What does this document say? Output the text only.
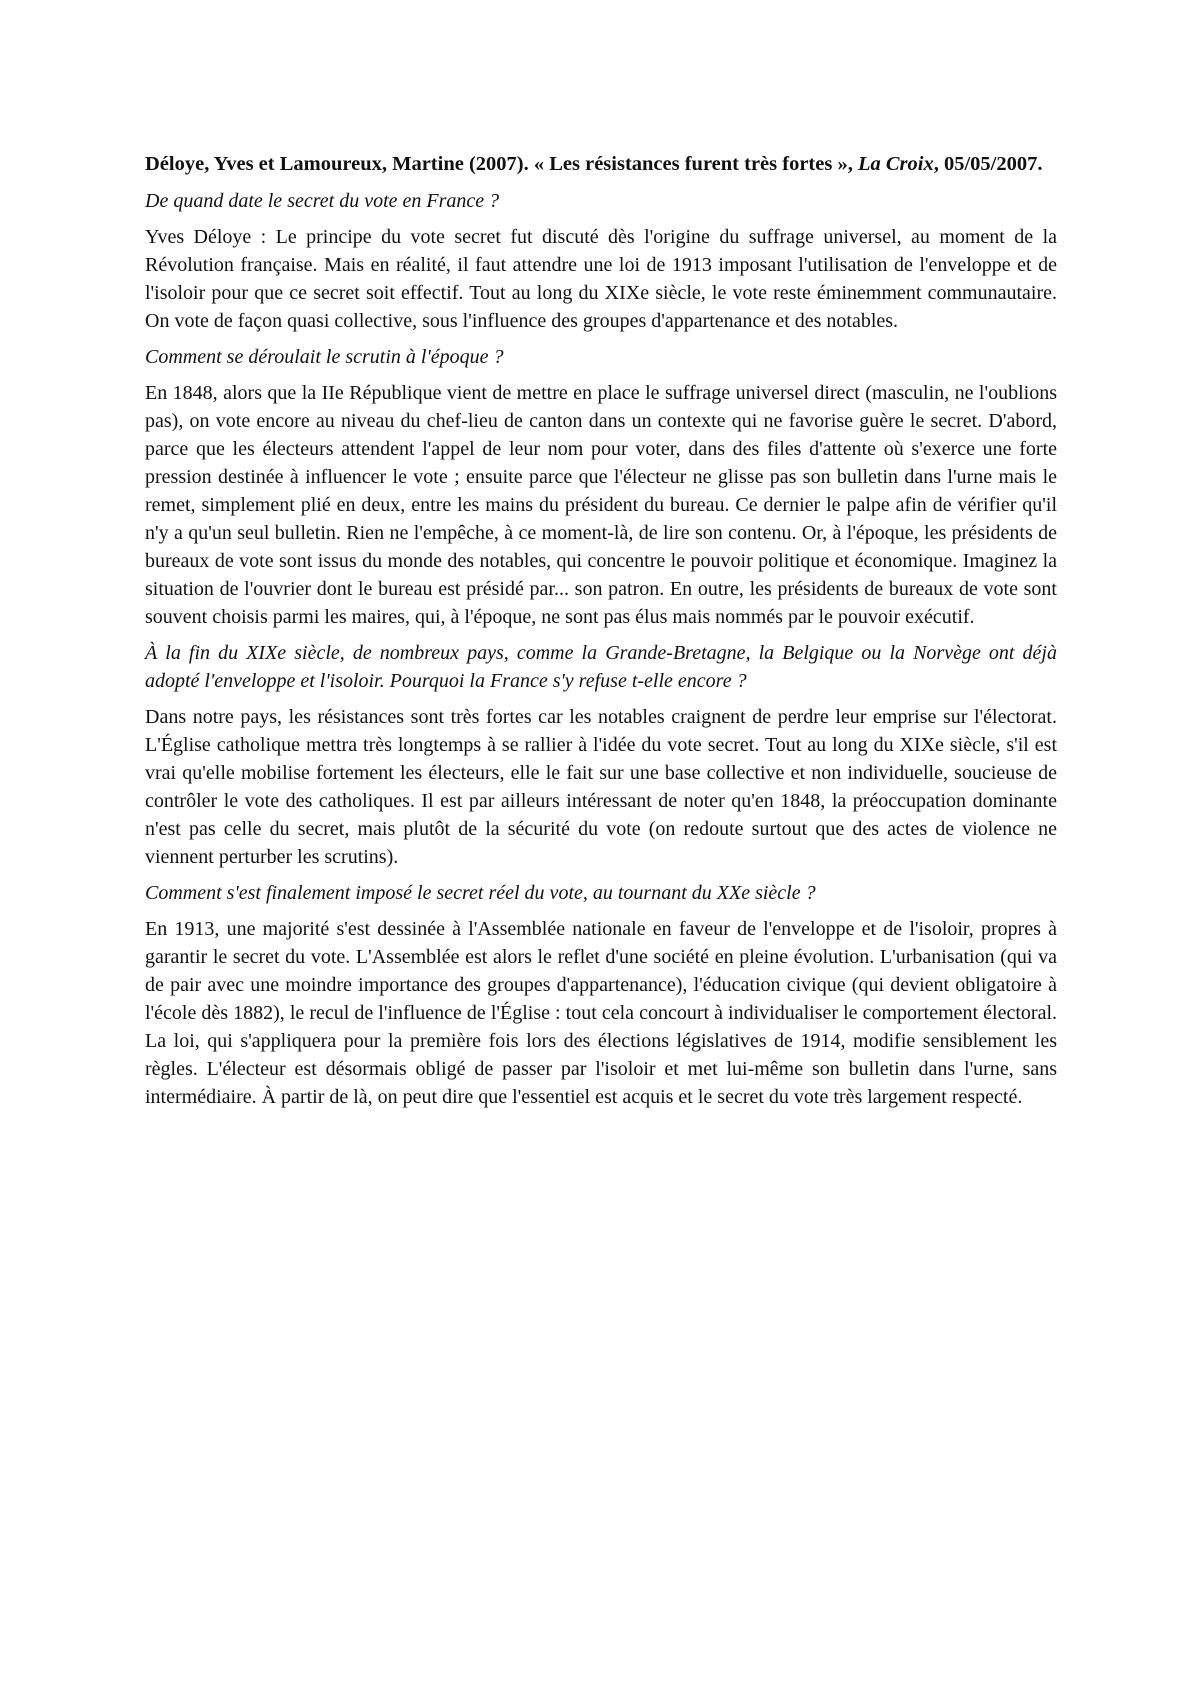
Déloye, Yves et Lamoureux, Martine (2007). « Les résistances furent très fortes », La Croix, 05/05/2007.

De quand date le secret du vote en France ?

Yves Déloye : Le principe du vote secret fut discuté dès l'origine du suffrage universel, au moment de la Révolution française. Mais en réalité, il faut attendre une loi de 1913 imposant l'utilisation de l'enveloppe et de l'isoloir pour que ce secret soit effectif. Tout au long du XIXe siècle, le vote reste éminemment communautaire. On vote de façon quasi collective, sous l'influence des groupes d'appartenance et des notables.

Comment se déroulait le scrutin à l'époque ?

En 1848, alors que la IIe République vient de mettre en place le suffrage universel direct (masculin, ne l'oublions pas), on vote encore au niveau du chef-lieu de canton dans un contexte qui ne favorise guère le secret. D'abord, parce que les électeurs attendent l'appel de leur nom pour voter, dans des files d'attente où s'exerce une forte pression destinée à influencer le vote ; ensuite parce que l'électeur ne glisse pas son bulletin dans l'urne mais le remet, simplement plié en deux, entre les mains du président du bureau. Ce dernier le palpe afin de vérifier qu'il n'y a qu'un seul bulletin. Rien ne l'empêche, à ce moment-là, de lire son contenu. Or, à l'époque, les présidents de bureaux de vote sont issus du monde des notables, qui concentre le pouvoir politique et économique. Imaginez la situation de l'ouvrier dont le bureau est présidé par... son patron. En outre, les présidents de bureaux de vote sont souvent choisis parmi les maires, qui, à l'époque, ne sont pas élus mais nommés par le pouvoir exécutif.

À la fin du XIXe siècle, de nombreux pays, comme la Grande-Bretagne, la Belgique ou la Norvège ont déjà adopté l'enveloppe et l'isoloir. Pourquoi la France s'y refuse t-elle encore ?

Dans notre pays, les résistances sont très fortes car les notables craignent de perdre leur emprise sur l'électorat. L'Église catholique mettra très longtemps à se rallier à l'idée du vote secret. Tout au long du XIXe siècle, s'il est vrai qu'elle mobilise fortement les électeurs, elle le fait sur une base collective et non individuelle, soucieuse de contrôler le vote des catholiques. Il est par ailleurs intéressant de noter qu'en 1848, la préoccupation dominante n'est pas celle du secret, mais plutôt de la sécurité du vote (on redoute surtout que des actes de violence ne viennent perturber les scrutins).

Comment s'est finalement imposé le secret réel du vote, au tournant du XXe siècle ?

En 1913, une majorité s'est dessinée à l'Assemblée nationale en faveur de l'enveloppe et de l'isoloir, propres à garantir le secret du vote. L'Assemblée est alors le reflet d'une société en pleine évolution. L'urbanisation (qui va de pair avec une moindre importance des groupes d'appartenance), l'éducation civique (qui devient obligatoire à l'école dès 1882), le recul de l'influence de l'Église : tout cela concourt à individualiser le comportement électoral. La loi, qui s'appliquera pour la première fois lors des élections législatives de 1914, modifie sensiblement les règles. L'électeur est désormais obligé de passer par l'isoloir et met lui-même son bulletin dans l'urne, sans intermédiaire. À partir de là, on peut dire que l'essentiel est acquis et le secret du vote très largement respecté.
